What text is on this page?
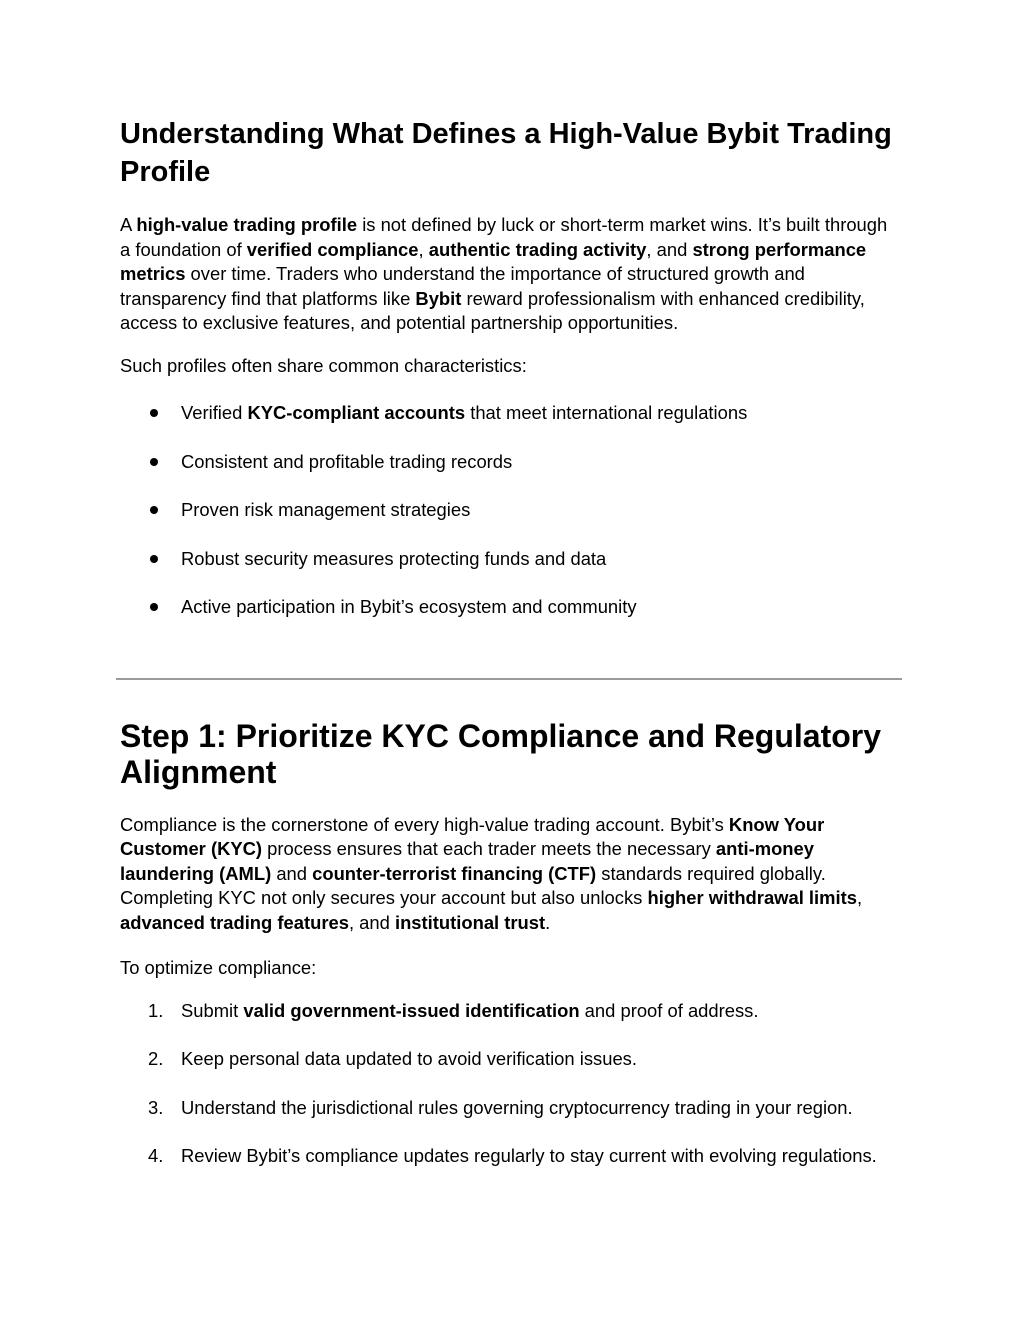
Understanding What Defines a High-Value Bybit Trading Profile

A high-value trading profile is not defined by luck or short-term market wins. It’s built through a foundation of verified compliance, authentic trading activity, and strong performance metrics over time. Traders who understand the importance of structured growth and transparency find that platforms like Bybit reward professionalism with enhanced credibility, access to exclusive features, and potential partnership opportunities.

Such profiles often share common characteristics:

Verified KYC-compliant accounts that meet international regulations
Consistent and profitable trading records
Proven risk management strategies
Robust security measures protecting funds and data
Active participation in Bybit’s ecosystem and community
Step 1: Prioritize KYC Compliance and Regulatory Alignment

Compliance is the cornerstone of every high-value trading account. Bybit’s Know Your Customer (KYC) process ensures that each trader meets the necessary anti-money laundering (AML) and counter-terrorist financing (CTF) standards required globally. Completing KYC not only secures your account but also unlocks higher withdrawal limits, advanced trading features, and institutional trust.

To optimize compliance:

1. Submit valid government-issued identification and proof of address.
2. Keep personal data updated to avoid verification issues.
3. Understand the jurisdictional rules governing cryptocurrency trading in your region.
4. Review Bybit’s compliance updates regularly to stay current with evolving regulations.
